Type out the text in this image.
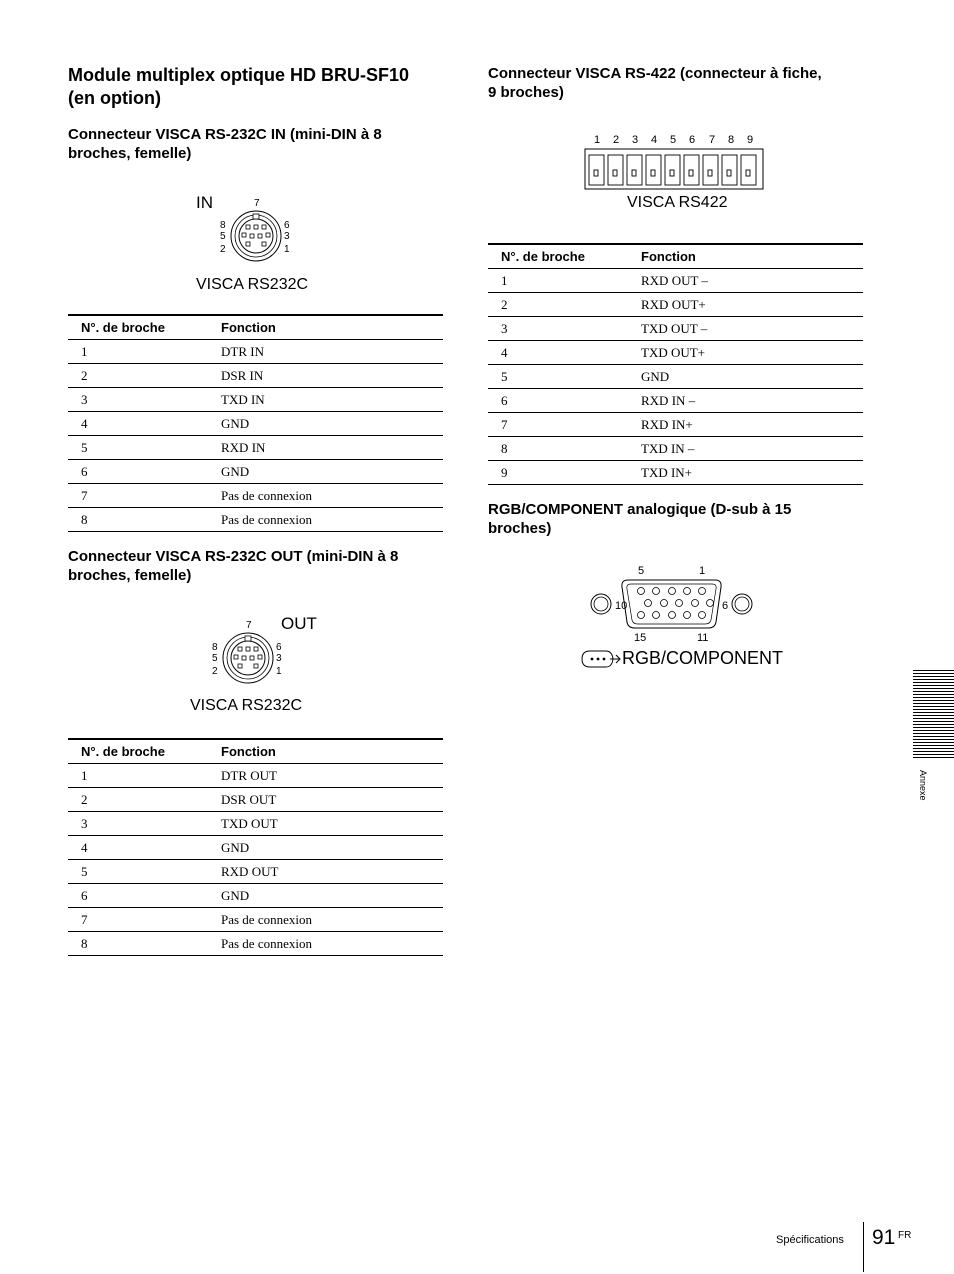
Module multiplex optique HD BRU-SF10
(en option)
Connecteur VISCA RS-232C IN (mini-DIN à 8
broches, femelle)
IN	7
8
5
2
6
3
1
VISCA RS232C
N°. de broche	Fonction
1	DTR IN
2	DSR IN
3	TXD IN
4	GND
5	RXD IN
6	GND
7	Pas de connexion
8	Pas de connexion
Connecteur VISCA RS-232C OUT (mini-DIN à 8
broches, femelle)
OUT
7
8
5
2
6
3
1
VISCA RS232C
N°. de broche	Fonction
1	DTR OUT
2	DSR OUT
3	TXD OUT
4	GND
5	RXD OUT
6	GND
7	Pas de connexion
8	Pas de connexion
Connecteur VISCA RS-422 (connecteur à fiche,
9 broches)
1 2 3 4 5 6 7 8 9
VISCA RS422
N°. de broche	Fonction
1	RXD OUT –
2	RXD OUT+
3	TXD OUT –
4	TXD OUT+
5	GND
6	RXD IN –
7	RXD IN+
8	TXD IN –
9	TXD IN+
RGB/COMPONENT analogique (D-sub à 15
broches)
5	1
10	6
15	11
RGB/COMPONENT
Annexe
Spécifications 91 FR
